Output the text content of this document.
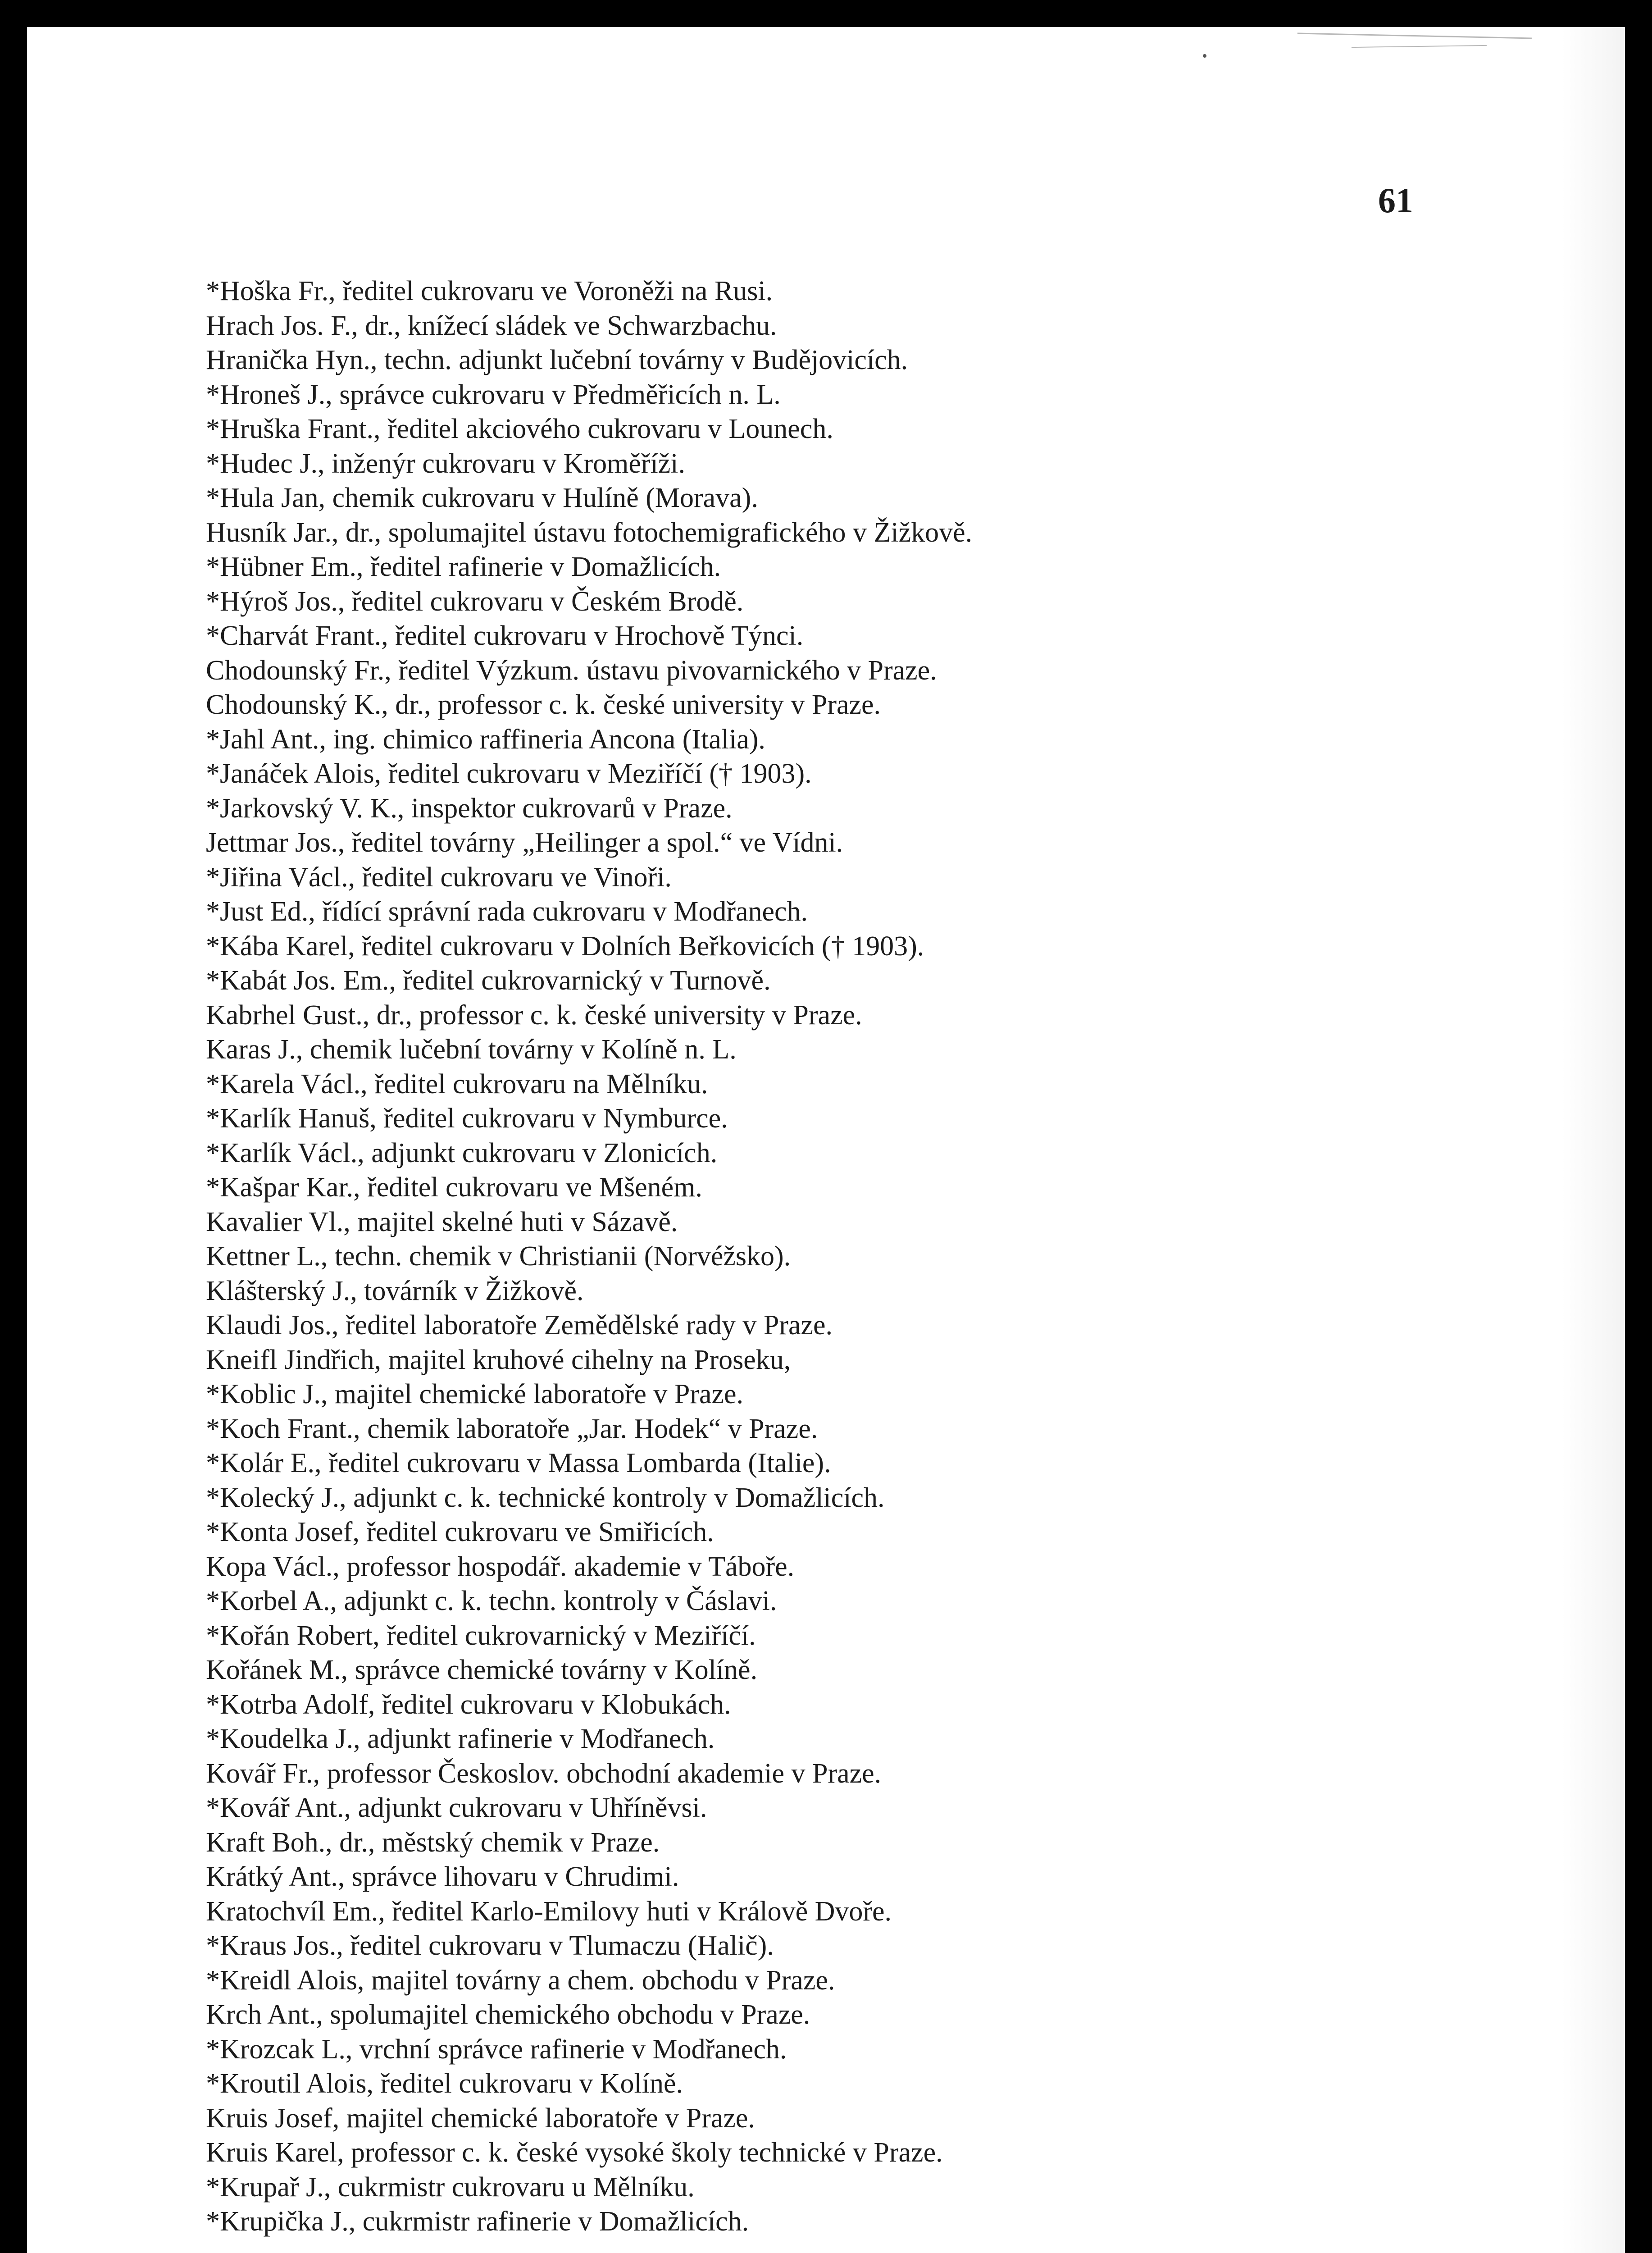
61

*Hoška Fr., ředitel cukrovaru ve Voroněži na Rusi.
Hrach Jos. F., dr., knížecí sládek ve Schwarzbachu.
Hranička Hyn., techn. adjunkt lučební továrny v Budějovicích.
*Hroneš J., správce cukrovaru v Předměřicích n. L.
*Hruška Frant., ředitel akciového cukrovaru v Lounech.
*Hudec J., inženýr cukrovaru v Kroměříži.
*Hula Jan, chemik cukrovaru v Hulíně (Morava).
Husník Jar., dr., spolumajitel ústavu fotochemigrafického v Žižkově.
*Hübner Em., ředitel rafinerie v Domažlicích.
*Hýroš Jos., ředitel cukrovaru v Českém Brodě.
*Charvát Frant., ředitel cukrovaru v Hrochově Týnci.
Chodounský Fr., ředitel Výzkum. ústavu pivovarnického v Praze.
Chodounský K., dr., professor c. k. české university v Praze.
*Jahl Ant., ing. chimico raffineria Ancona (Italia).
*Janáček Alois, ředitel cukrovaru v Meziříčí († 1903).
*Jarkovský V. K., inspektor cukrovarů v Praze.
Jettmar Jos., ředitel továrny „Heilinger a spol.“ ve Vídni.
*Jiřina Václ., ředitel cukrovaru ve Vinoři.
*Just Ed., řídící správní rada cukrovaru v Modřanech.
*Kába Karel, ředitel cukrovaru v Dolních Beřkovicích († 1903).
*Kabát Jos. Em., ředitel cukrovarnický v Turnově.
Kabrhel Gust., dr., professor c. k. české university v Praze.
Karas J., chemik lučební továrny v Kolíně n. L.
*Karela Václ., ředitel cukrovaru na Mělníku.
*Karlík Hanuš, ředitel cukrovaru v Nymburce.
*Karlík Václ., adjunkt cukrovaru v Zlonicích.
*Kašpar Kar., ředitel cukrovaru ve Mšeném.
Kavalier Vl., majitel skelné huti v Sázavě.
Kettner L., techn. chemik v Christianii (Norvéžsko).
Klášterský J., továrník v Žižkově.
Klaudi Jos., ředitel laboratoře Zemědělské rady v Praze.
Kneifl Jindřich, majitel kruhové cihelny na Proseku,
*Koblic J., majitel chemické laboratoře v Praze.
*Koch Frant., chemik laboratoře „Jar. Hodek“ v Praze.
*Kolár E., ředitel cukrovaru v Massa Lombarda (Italie).
*Kolecký J., adjunkt c. k. technické kontroly v Domažlicích.
*Konta Josef, ředitel cukrovaru ve Smiřicích.
Kopa Václ., professor hospodář. akademie v Táboře.
*Korbel A., adjunkt c. k. techn. kontroly v Čáslavi.
*Kořán Robert, ředitel cukrovarnický v Meziříčí.
Kořánek M., správce chemické továrny v Kolíně.
*Kotrba Adolf, ředitel cukrovaru v Klobukách.
*Koudelka J., adjunkt rafinerie v Modřanech.
Kovář Fr., professor Českoslov. obchodní akademie v Praze.
*Kovář Ant., adjunkt cukrovaru v Uhříněvsi.
Kraft Boh., dr., městský chemik v Praze.
Krátký Ant., správce lihovaru v Chrudimi.
Kratochvíl Em., ředitel Karlo-Emilovy huti v Králově Dvoře.
*Kraus Jos., ředitel cukrovaru v Tlumaczu (Halič).
*Kreidl Alois, majitel továrny a chem. obchodu v Praze.
Krch Ant., spolumajitel chemického obchodu v Praze.
*Krozcak L., vrchní správce rafinerie v Modřanech.
*Kroutil Alois, ředitel cukrovaru v Kolíně.
Kruis Josef, majitel chemické laboratoře v Praze.
Kruis Karel, professor c. k. české vysoké školy technické v Praze.
*Krupař J., cukrmistr cukrovaru u Mělníku.
*Krupička J., cukrmistr rafinerie v Domažlicích.
